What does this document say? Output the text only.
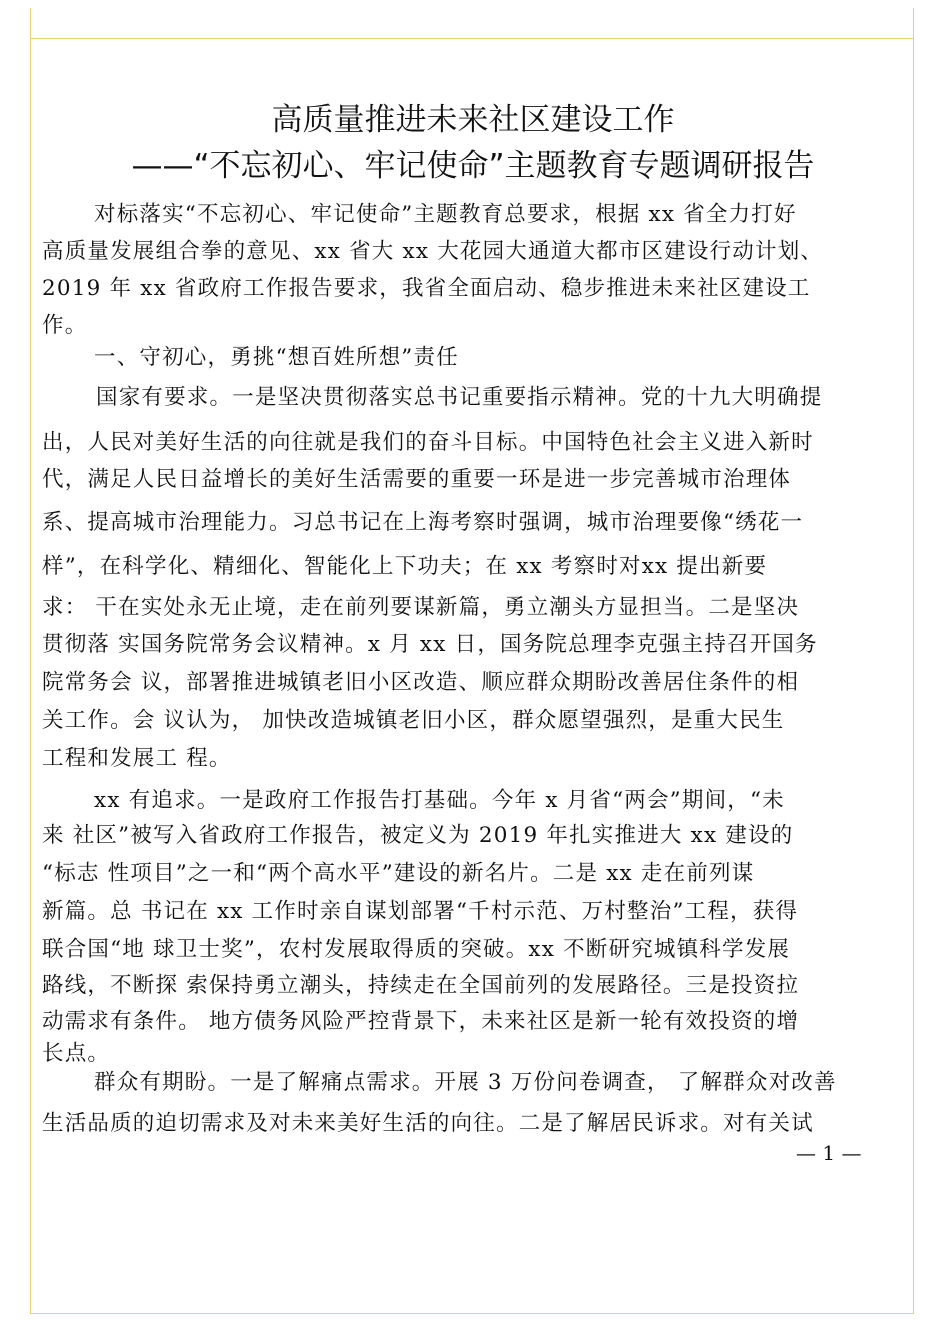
高质量推进未来社区建设工作
——“不忘初心、牢记使命”主题教育专题调研报告
对标落实“不忘初心、牢记使命”主题教育总要求，根据 xx 省全力打好
高质量发展组合拳的意见、xx 省大 xx 大花园大通道大都市区建设行动计划、
2019 年 xx 省政府工作报告要求，我省全面启动、稳步推进未来社区建设工
作。
一、守初心，勇挑“想百姓所想”责任
国家有要求。一是坚决贯彻落实总书记重要指示精神。党的十九大明确提
出，人民对美好生活的向往就是我们的奋斗目标。中国特色社会主义进入新时
代，满足人民日益增长的美好生活需要的重要一环是进一步完善城市治理体
系、提高城市治理能力。习总书记在上海考察时强调，城市治理要像“绣花一
样”，在科学化、精细化、智能化上下功夫；在 xx 考察时对xx 提出新要
求： 干在实处永无止境，走在前列要谋新篇，勇立潮头方显担当。二是坚决
贯彻落 实国务院常务会议精神。x 月 xx 日，国务院总理李克强主持召开国务
院常务会 议，部署推进城镇老旧小区改造、顺应群众期盼改善居住条件的相
关工作。会 议认为， 加快改造城镇老旧小区，群众愿望强烈，是重大民生
工程和发展工 程。
xx 有追求。一是政府工作报告打基础。今年 x 月省“两会”期间，“未
来 社区”被写入省政府工作报告，被定义为 2019 年扎实推进大 xx 建设的
“标志 性项目”之一和“两个高水平”建设的新名片。二是 xx 走在前列谋
新篇。总 书记在 xx 工作时亲自谋划部署“千村示范、万村整治”工程，获得
联合国“地 球卫士奖”，农村发展取得质的突破。xx 不断研究城镇科学发展
路线，不断探 索保持勇立潮头，持续走在全国前列的发展路径。三是投资拉
动需求有条件。 地方债务风险严控背景下，未来社区是新一轮有效投资的增
长点。
群众有期盼。一是了解痛点需求。开展 3 万份问卷调查， 了解群众对改善
生活品质的迫切需求及对未来美好生活的向往。二是了解居民诉求。对有关试
— 1 —
